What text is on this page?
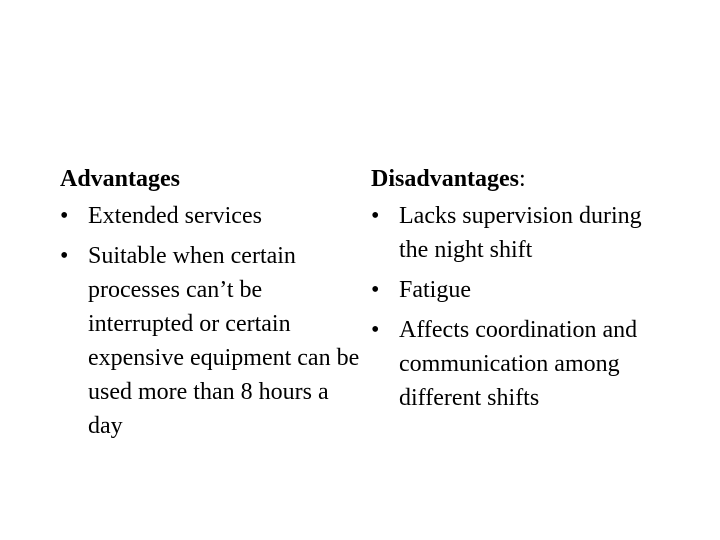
Advantages
• Extended services
• Suitable when certain processes can’t be interrupted or certain expensive equipment can be used more than 8 hours a day
Disadvantages:
• Lacks supervision during the night shift
• Fatigue
• Affects coordination and communication among different shifts
